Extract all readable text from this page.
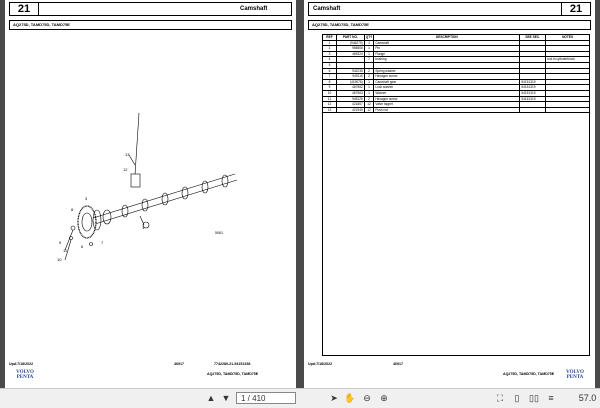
21	Camshaft
AQ275D, TAMD75D, TAMD75E
12
13
1
8
3
9
10
11
6
7
5061
Upd:7/18/2022	46917	7742280-21-54151338
AQ275D, TAMD75D, TAMD75E
VOLVO
PENTA
Camshaft	21
AQ275D, TAMD75D, TAMD75E
REF	PART NO.	QTY	DESCRIPTION	SEE SEC.	NOTES
1	(946279)	1	Camshaft		
2	958566	1	Pin		
3	469324	1	Flange		
4		7	bushing		Incl.in cylinderblock
5					
6	942235	2	Spring washer		
7	949115	2	Hexagon screw		
8	(419076)	1	Camshaft gear	54151319	
9	467562	1	Lock washer	54151319	
10	467563	1	Washer	54151319	
11	949125	2	Hexagon screw	54151319	
12	421867	12	Valve tappet		
13	421945	12	Push rod		
Upd:7/18/2022	46917
AQ275D, TAMD75D, TAMD75E	VOLVO
PENTA
▲ ▼	1 / 410	➤ ✋ ⊖ ⊕	⛶	▯	▯▯	≡	57.0
